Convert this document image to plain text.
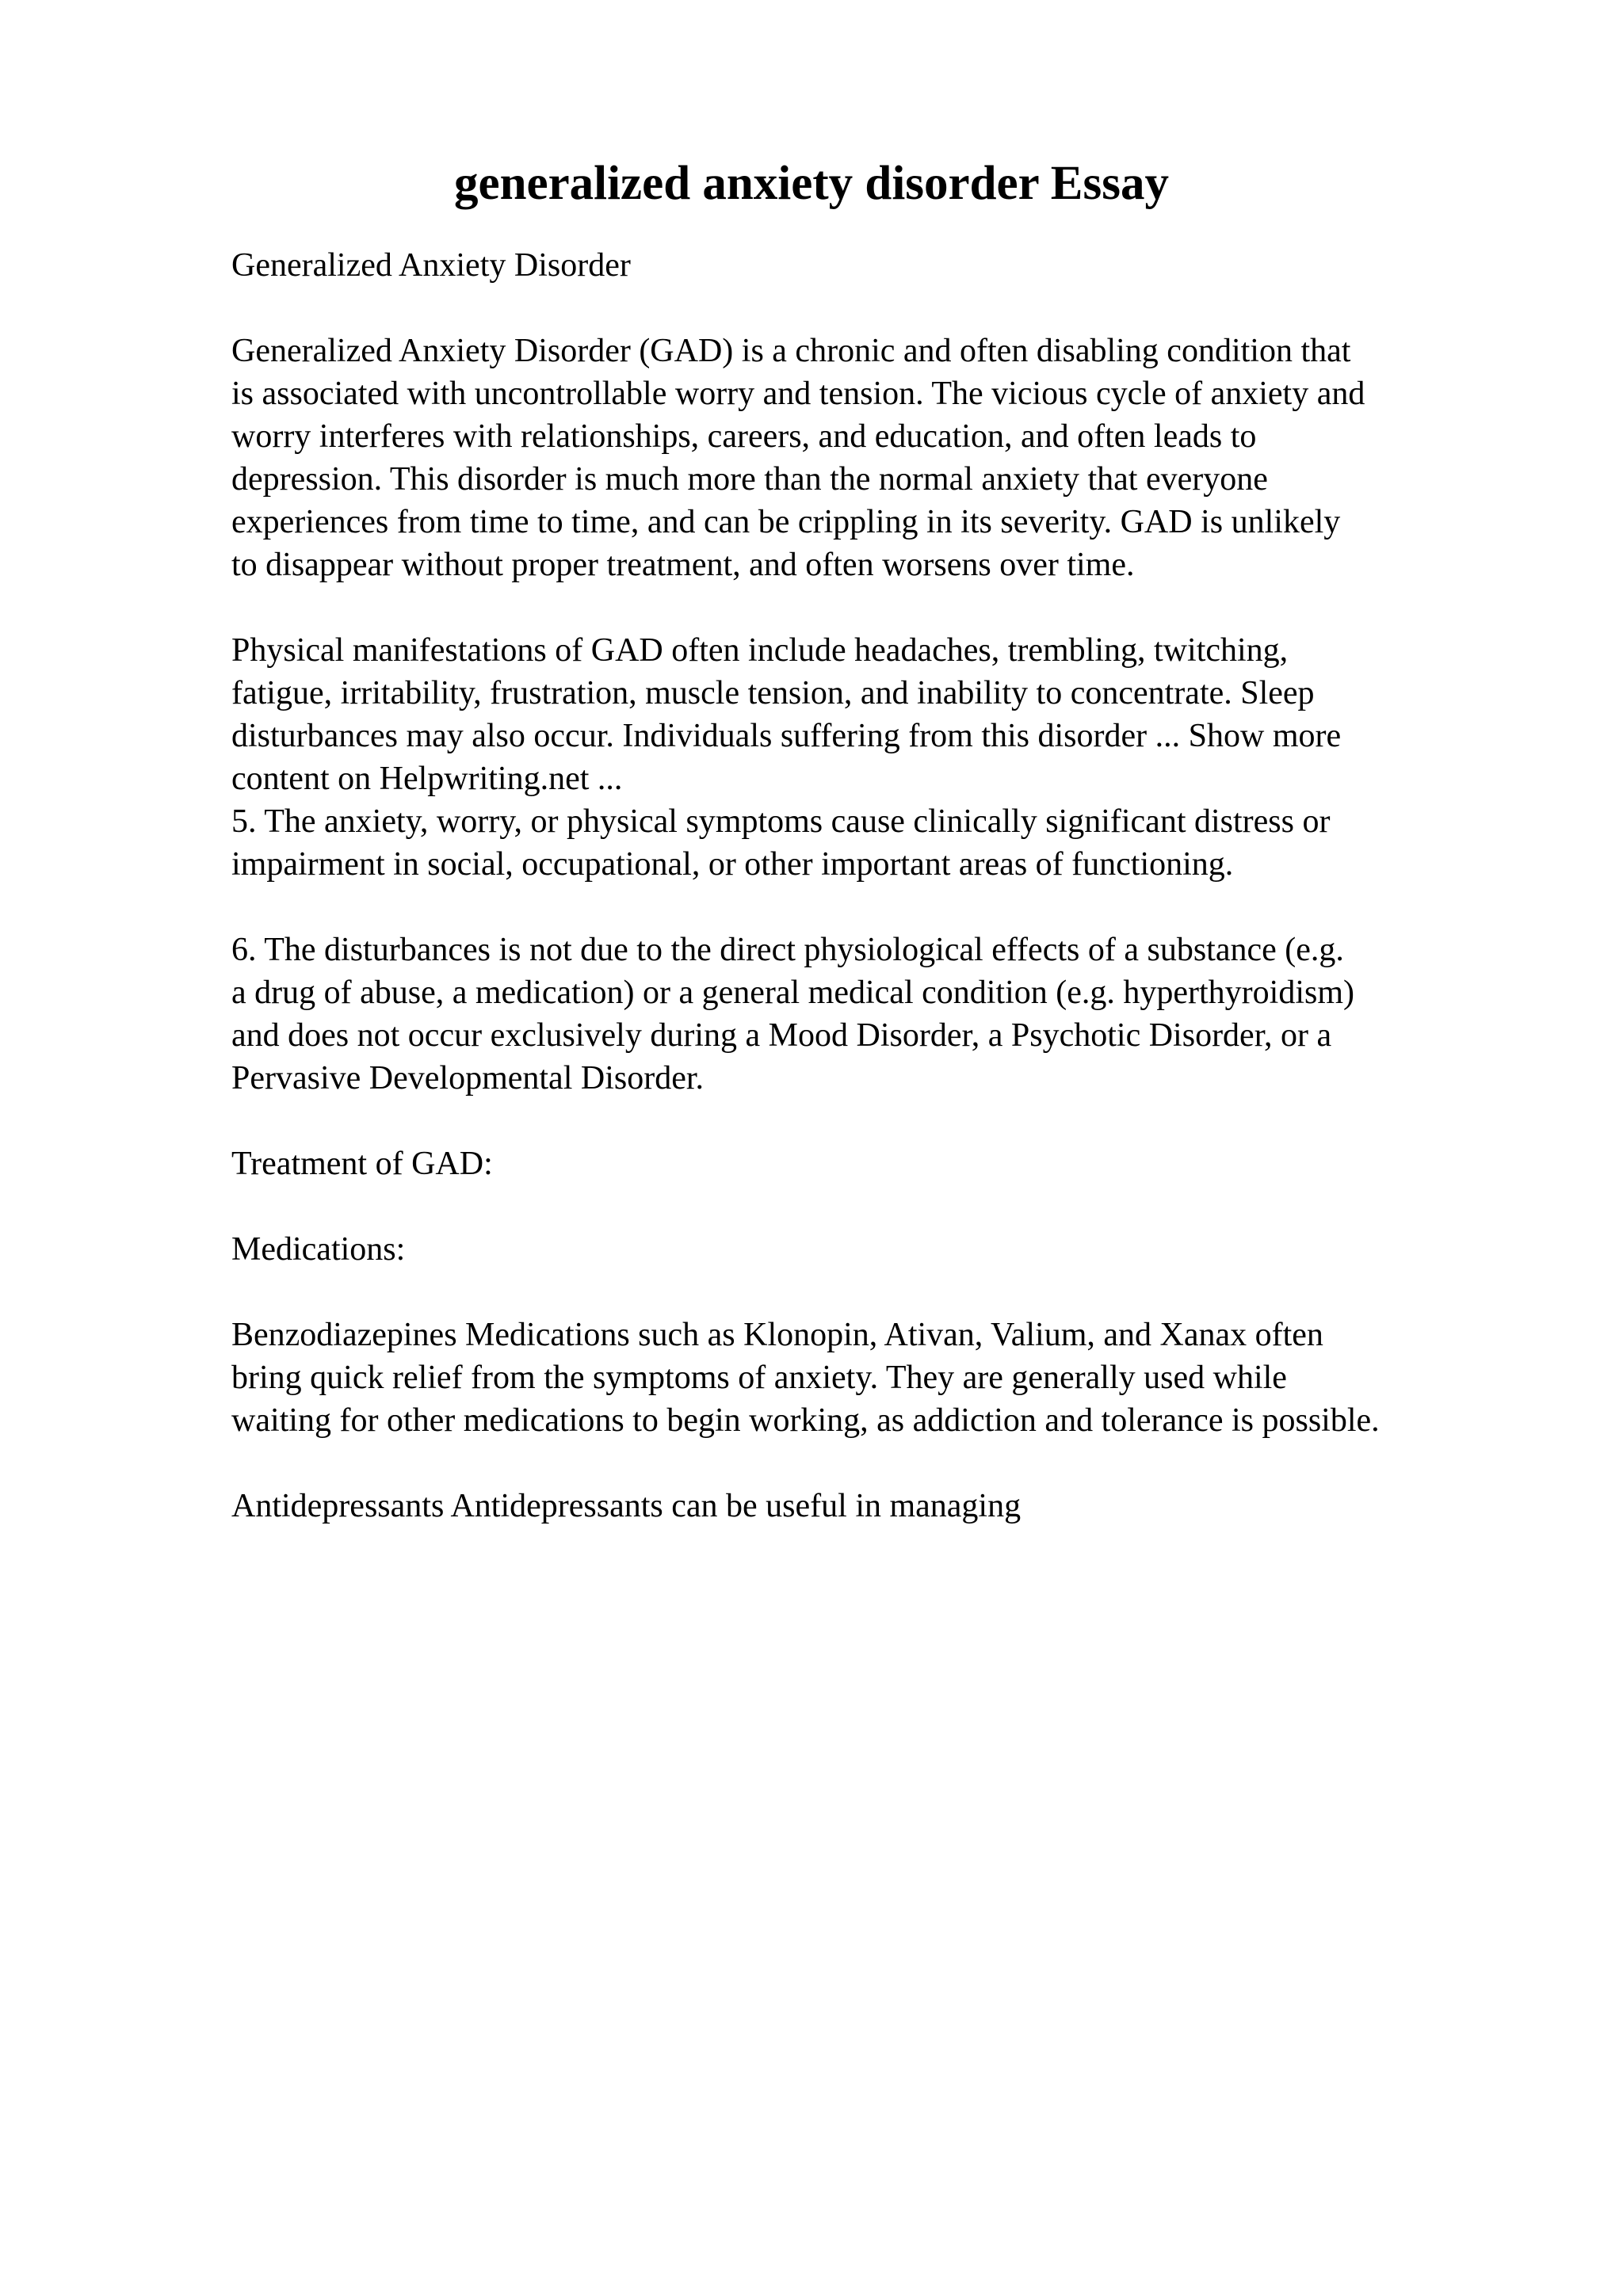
generalized anxiety disorder Essay

Generalized Anxiety Disorder

Generalized Anxiety Disorder (GAD) is a chronic and often disabling condition that
is associated with uncontrollable worry and tension. The vicious cycle of anxiety and
worry interferes with relationships, careers, and education, and often leads to
depression. This disorder is much more than the normal anxiety that everyone
experiences from time to time, and can be crippling in its severity. GAD is unlikely
to disappear without proper treatment, and often worsens over time.

Physical manifestations of GAD often include headaches, trembling, twitching,
fatigue, irritability, frustration, muscle tension, and inability to concentrate. Sleep
disturbances may also occur. Individuals suffering from this disorder ... Show more
content on Helpwriting.net ...

5. The anxiety, worry, or physical symptoms cause clinically significant distress or
impairment in social, occupational, or other important areas of functioning.

6. The disturbances is not due to the direct physiological effects of a substance (e.g.
a drug of abuse, a medication) or a general medical condition (e.g. hyperthyroidism)
and does not occur exclusively during a Mood Disorder, a Psychotic Disorder, or a
Pervasive Developmental Disorder.

Treatment of GAD:

Medications:

Benzodiazepines Medications such as Klonopin, Ativan, Valium, and Xanax often
bring quick relief from the symptoms of anxiety. They are generally used while
waiting for other medications to begin working, as addiction and tolerance is possible.

Antidepressants Antidepressants can be useful in managing
